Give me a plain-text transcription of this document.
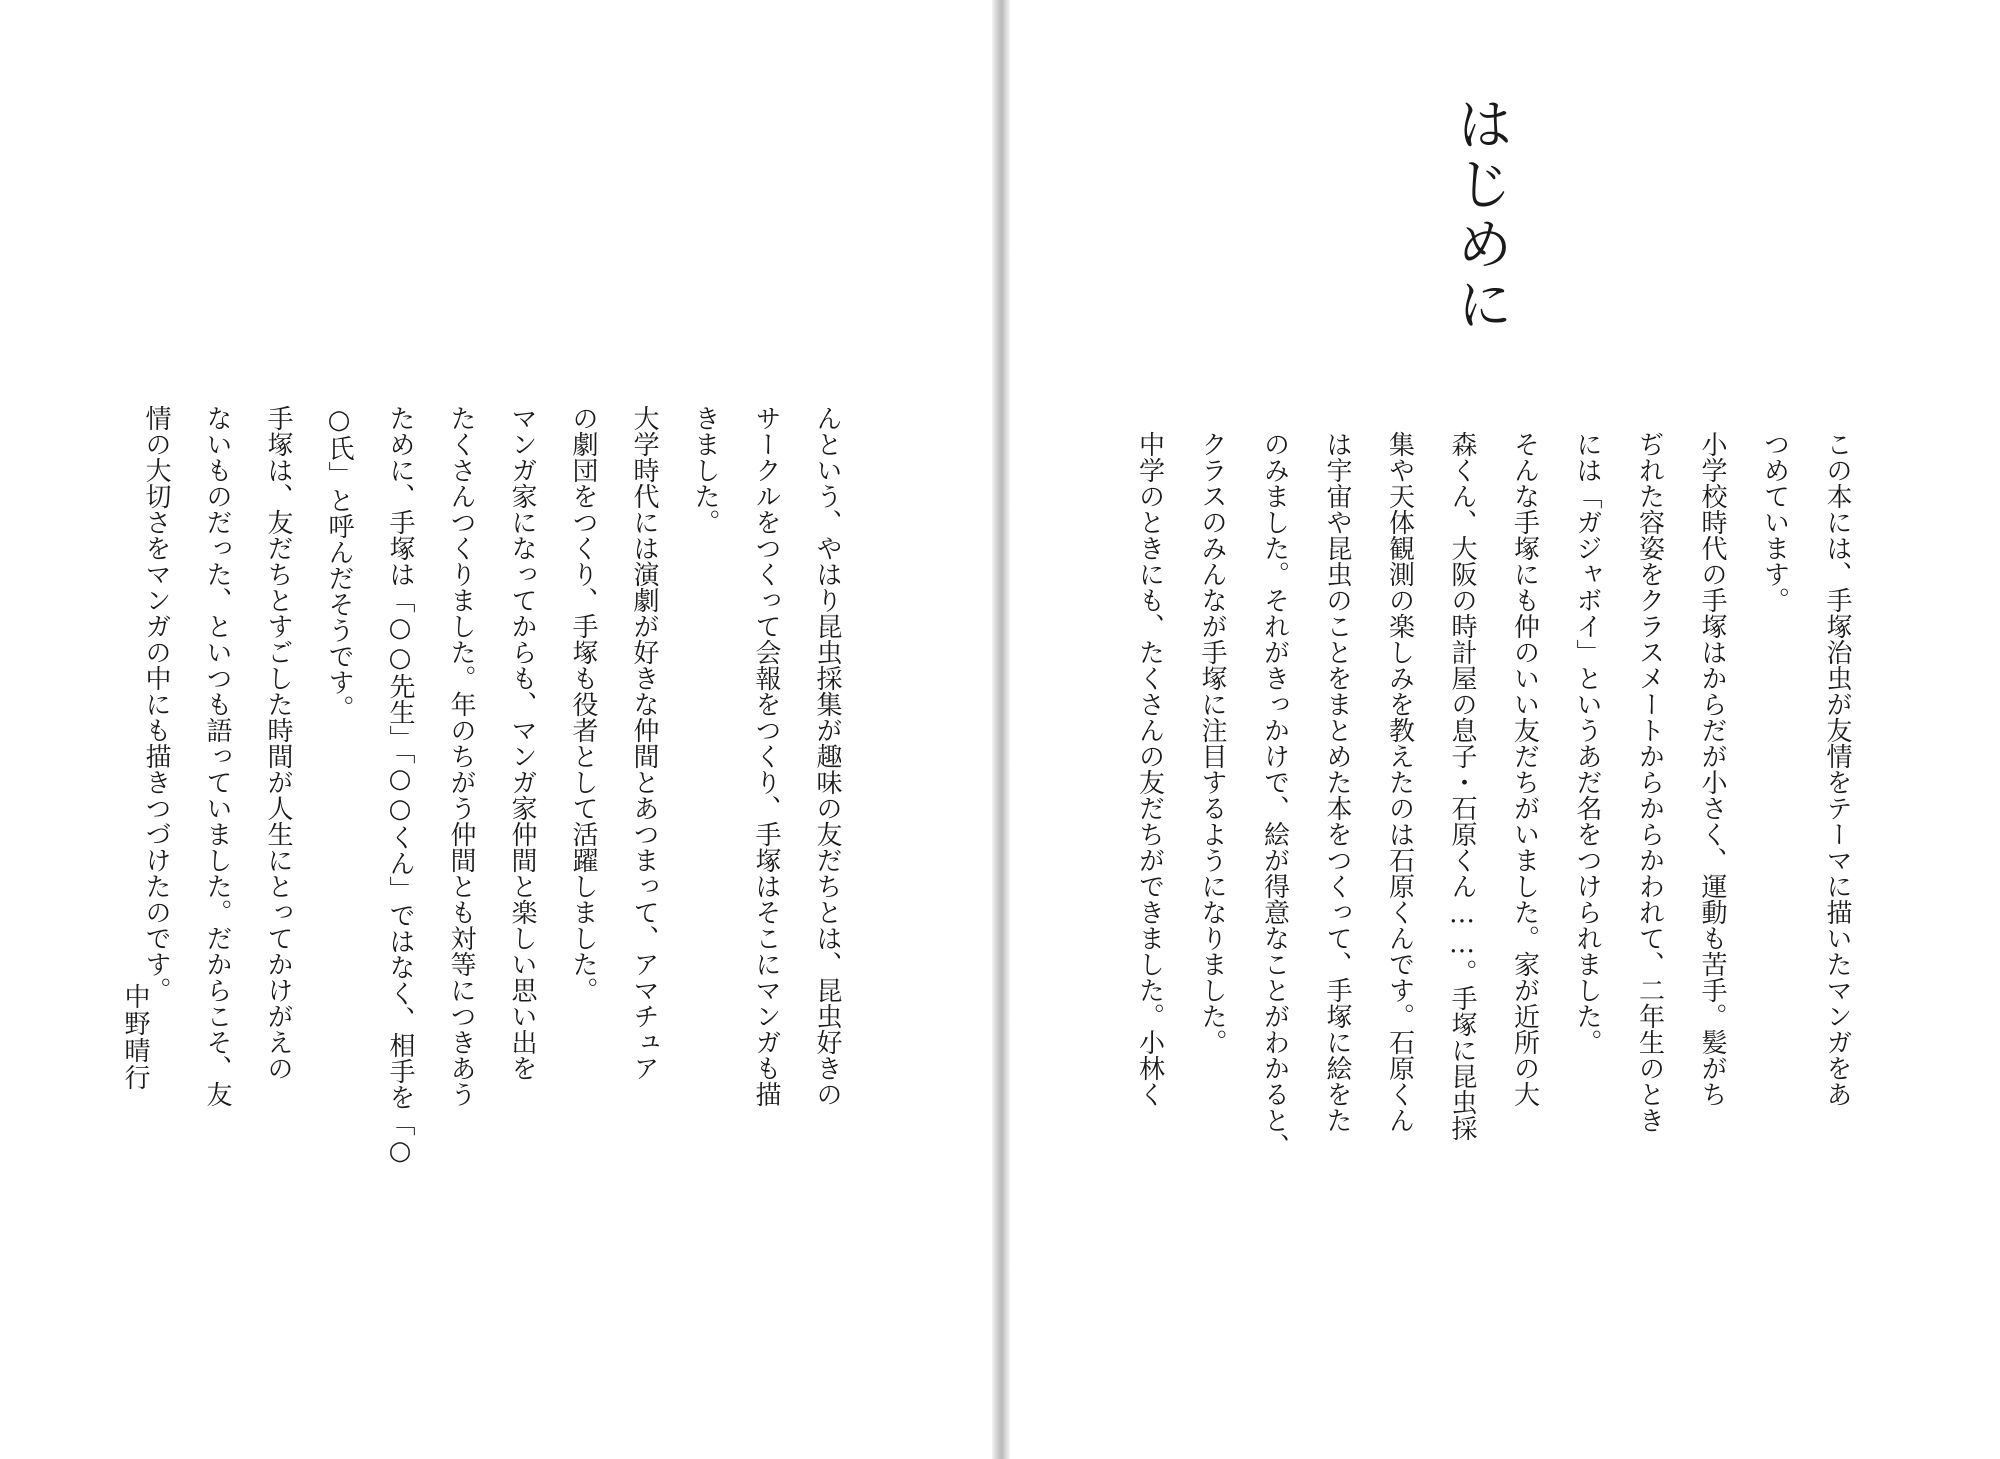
んという、やはり昆虫採集が趣味の友だちとは、昆虫好きの
サークルをつくって会報をつくり、手塚はそこにマンガも描
きました。
大学時代には演劇が好きな仲間とあつまって、アマチュア
の劇団をつくり、手塚も役者として活躍しました。
マンガ家になってからも、マンガ家仲間と楽しい思い出を
たくさんつくりました。年のちがう仲間とも対等につきあう
ために、手塚は「○○先生」「○○くん」ではなく、相手を「○
○氏」と呼んだそうです。
手塚は、友だちとすごした時間が人生にとってかけがえの
ないものだった、といつも語っていました。だからこそ、友
情の大切さをマンガの中にも描きつづけたのです。
中野晴行	この本には、手塚治虫が友情をテーマに描いたマンガをあ
つめています。
小学校時代の手塚はからだが小さく、運動も苦手。髪がち
ぢれた容姿をクラスメートからからかわれて、二年生のとき
には「ガジャボイ」というあだ名をつけられました。
そんな手塚にも仲のいい友だちがいました。家が近所の大
森くん、大阪の時計屋の息子・石原くん……。手塚に昆虫採
集や天体観測の楽しみを教えたのは石原くんです。石原くん
は宇宙や昆虫のことをまとめた本をつくって、手塚に絵をた
のみました。それがきっかけで、絵が得意なことがわかると、
クラスのみんなが手塚に注目するようになりました。
中学のときにも、たくさんの友だちができました。小林く
はじめに
